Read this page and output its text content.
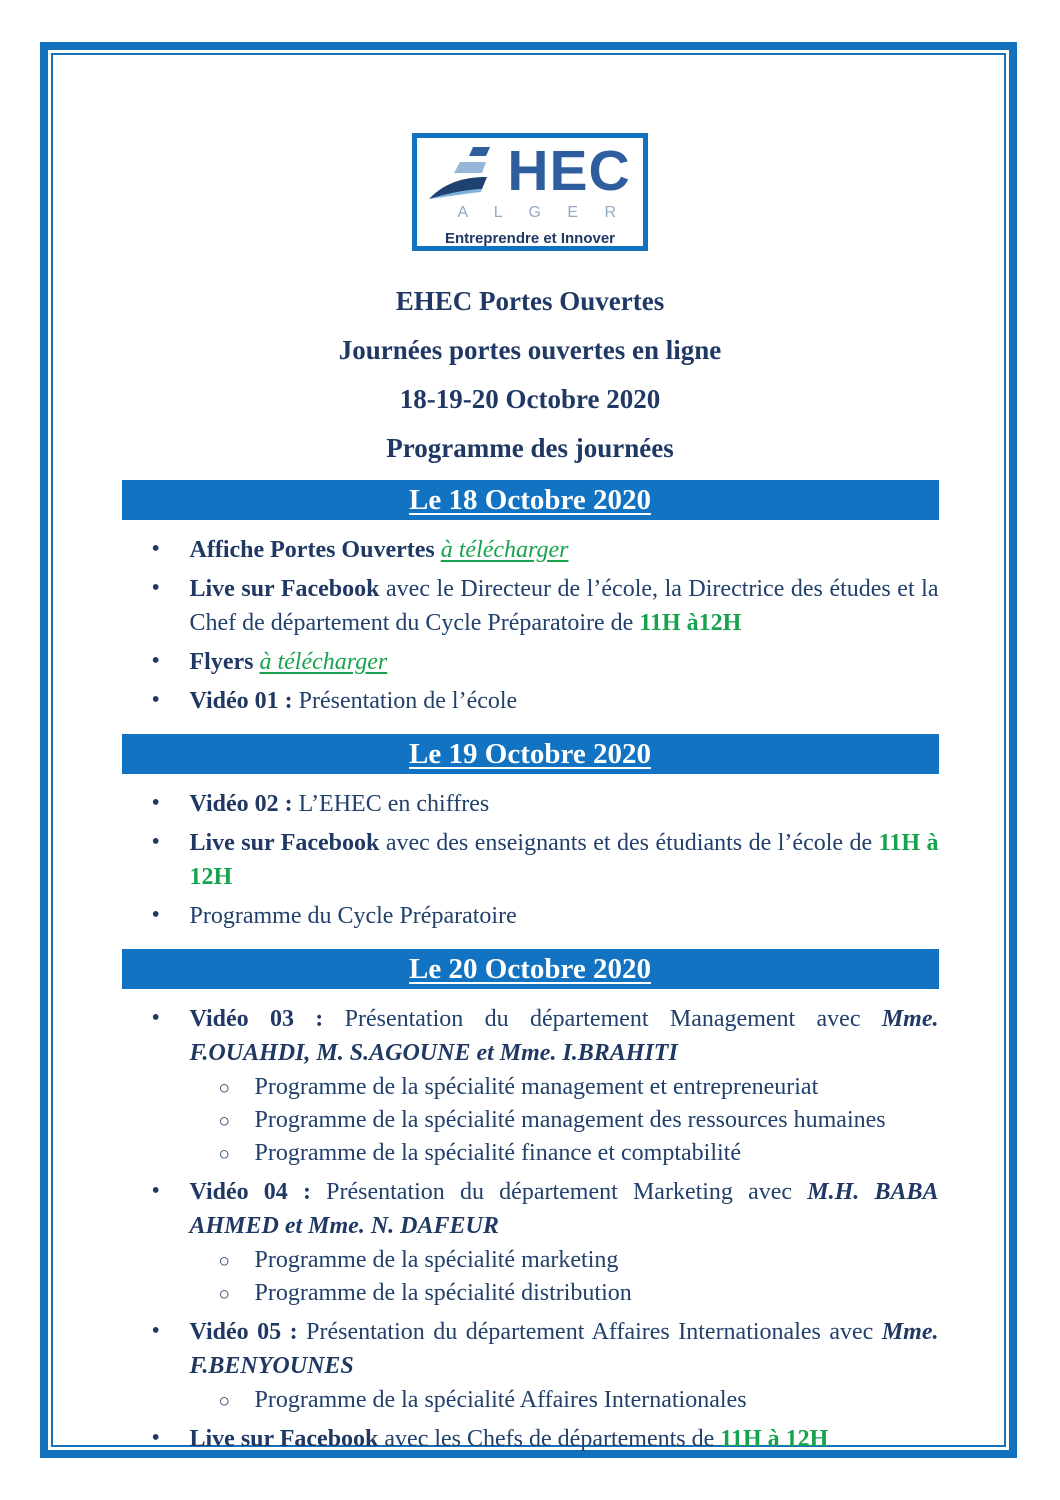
HEC
A L G E R
Entreprendre et Innover
EHEC Portes Ouvertes
Journées portes ouvertes en ligne
18-19-20 Octobre 2020
Programme des journées
Le 18 Octobre 2020
• Affiche Portes Ouvertes à télécharger
• Live sur Facebook avec le Directeur de l’école, la Directrice des études et la Chef de département du Cycle Préparatoire de 11H à12H
• Flyers à télécharger
• Vidéo 01 : Présentation de l’école
Le 19 Octobre 2020
• Vidéo 02 : L’EHEC en chiffres
• Live sur Facebook avec des enseignants et des étudiants de l’école de 11H à 12H
• Programme du Cycle Préparatoire
Le 20 Octobre 2020
• Vidéo 03 : Présentation du département Management avec Mme. F.OUAHDI, M. S.AGOUNE et Mme. I.BRAHITI
○ Programme de la spécialité management et entrepreneuriat
○ Programme de la spécialité management des ressources humaines
○ Programme de la spécialité finance et comptabilité
• Vidéo 04 : Présentation du département Marketing avec M.H. BABA AHMED et Mme. N. DAFEUR
○ Programme de la spécialité marketing
○ Programme de la spécialité distribution
• Vidéo 05 : Présentation du département Affaires Internationales avec Mme. F.BENYOUNES
○ Programme de la spécialité Affaires Internationales
• Live sur Facebook avec les Chefs de départements de 11H à 12H
